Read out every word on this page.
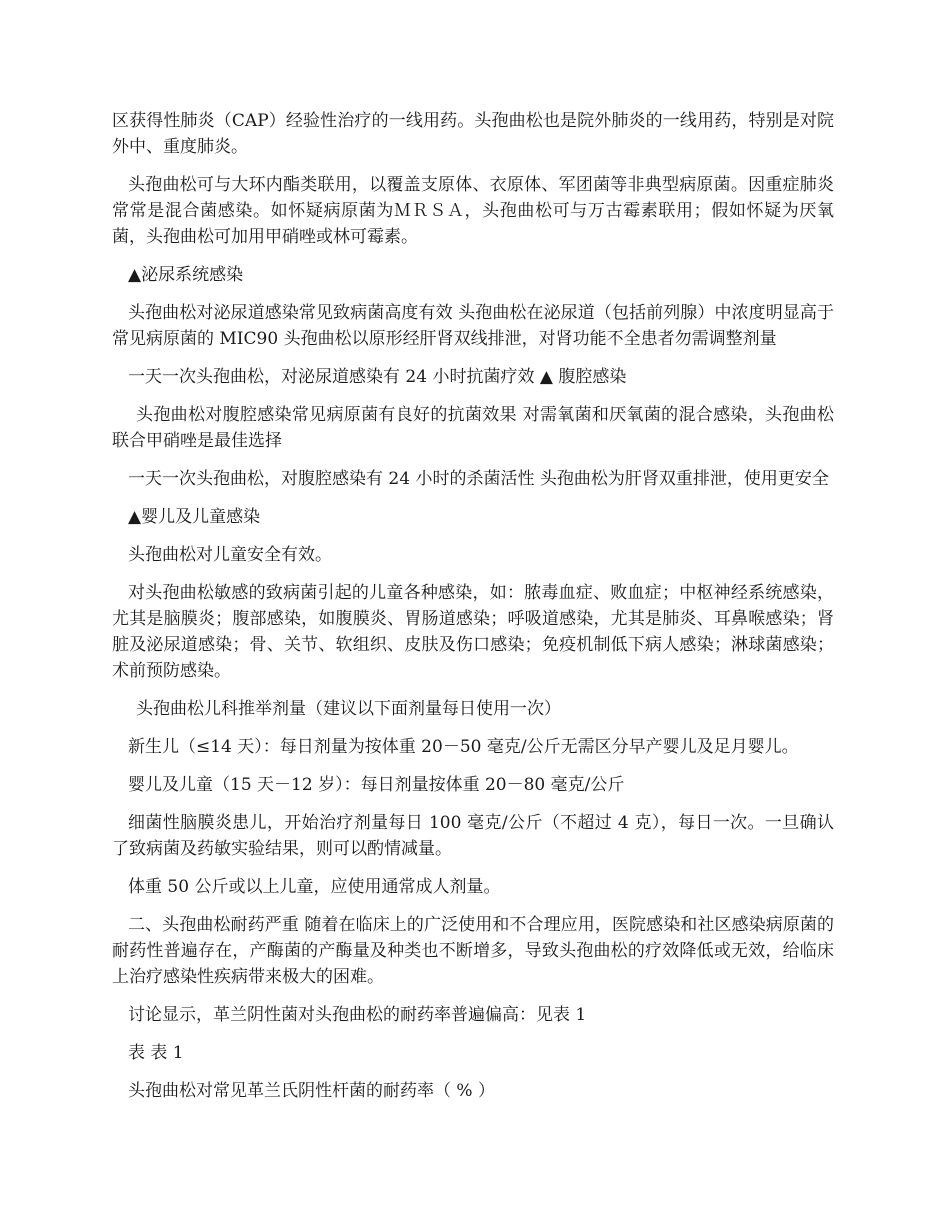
区获得性肺炎（CAP）经验性治疗的一线用药。头孢曲松也是院外肺炎的一线用药，特别是对院外中、重度肺炎。

头孢曲松可与大环内酯类联用，以覆盖支原体、衣原体、军团菌等非典型病原菌。因重症肺炎常常是混合菌感染。如怀疑病原菌为ＭＲＳＡ，头孢曲松可与万古霉素联用；假如怀疑为厌氧菌，头孢曲松可加用甲硝唑或林可霉素。

▲泌尿系统感染

头孢曲松对泌尿道感染常见致病菌高度有效 头孢曲松在泌尿道（包括前列腺）中浓度明显高于常见病原菌的 MIC90 头孢曲松以原形经肝肾双线排泄，对肾功能不全患者勿需调整剂量

一天一次头孢曲松，对泌尿道感染有 24 小时抗菌疗效 ▲ 腹腔感染

头孢曲松对腹腔感染常见病原菌有良好的抗菌效果 对需氧菌和厌氧菌的混合感染，头孢曲松联合甲硝唑是最佳选择

一天一次头孢曲松，对腹腔感染有 24 小时的杀菌活性 头孢曲松为肝肾双重排泄，使用更安全

▲婴儿及儿童感染

头孢曲松对儿童安全有效。

对头孢曲松敏感的致病菌引起的儿童各种感染，如：脓毒血症、败血症；中枢神经系统感染，尤其是脑膜炎；腹部感染，如腹膜炎、胃肠道感染；呼吸道感染，尤其是肺炎、耳鼻喉感染；肾脏及泌尿道感染；骨、关节、软组织、皮肤及伤口感染；免疫机制低下病人感染；淋球菌感染；术前预防感染。

头孢曲松儿科推举剂量（建议以下面剂量每日使用一次）

新生儿（≤14 天）：每日剂量为按体重 20－50 毫克/公斤无需区分早产婴儿及足月婴儿。

婴儿及儿童（15 天－12 岁）：每日剂量按体重 20－80 毫克/公斤

细菌性脑膜炎患儿，开始治疗剂量每日 100 毫克/公斤（不超过 4 克），每日一次。一旦确认了致病菌及药敏实验结果，则可以酌情减量。

体重 50 公斤或以上儿童，应使用通常成人剂量。

二、头孢曲松耐药严重 随着在临床上的广泛使用和不合理应用，医院感染和社区感染病原菌的耐药性普遍存在，产酶菌的产酶量及种类也不断增多，导致头孢曲松的疗效降低或无效，给临床上治疗感染性疾病带来极大的困难。

讨论显示，革兰阴性菌对头孢曲松的耐药率普遍偏高：见表 1

表 表 1

头孢曲松对常见革兰氏阴性杆菌的耐药率（ % ）
